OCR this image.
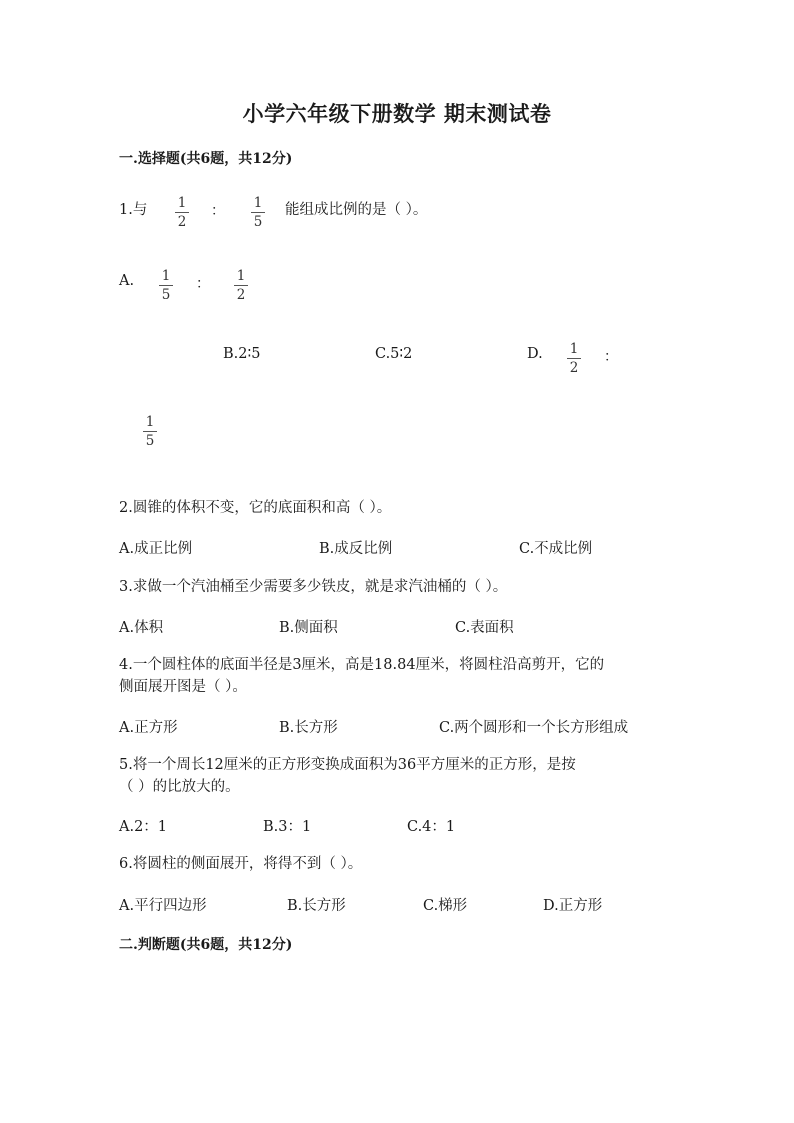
小学六年级下册数学 期末测试卷
一.选择题(共6题，共12分)
1.与 1
2
： 1
5
能组成比例的是（ ）。
A. 1
5
： 1
2
B.2∶5	C.5∶2	D. 1
2
：
1
5
2.圆锥的体积不变，它的底面积和高（ ）。
A.成正比例	B.成反比例	C.不成比例
3.求做一个汽油桶至少需要多少铁皮，就是求汽油桶的（ ）。
A.体积	B.侧面积	C.表面积
4.一个圆柱体的底面半径是3厘米，高是18.84厘米，将圆柱沿高剪开，它的
侧面展开图是（ ）。
A.正方形	B.长方形	C.两个圆形和一个长方形组成
5.将一个周长12厘米的正方形变换成面积为36平方厘米的正方形，是按
（ ）的比放大的。
A.2：1	B.3：1	C.4：1
6.将圆柱的侧面展开，将得不到（ ）。
A.平行四边形	B.长方形	C.梯形	D.正方形
二.判断题(共6题，共12分)
